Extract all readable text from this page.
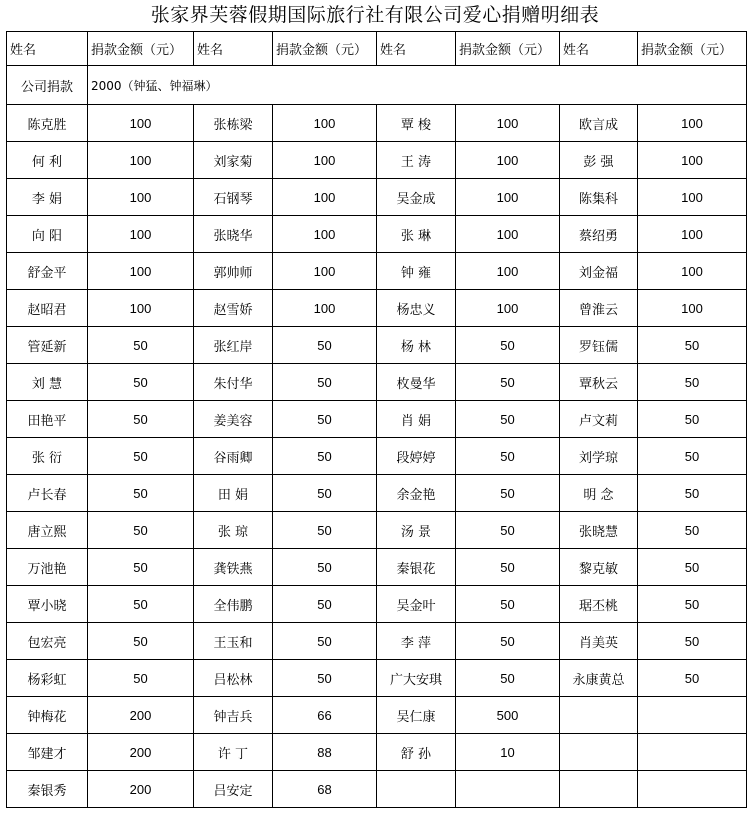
张家界芙蓉假期国际旅行社有限公司爱心捐赠明细表
姓名	捐款金额（元）	姓名	捐款金额（元）	姓名	捐款金额（元）	姓名	捐款金额（元）
公司捐款	2000（钟猛、钟福琳）						
陈克胜	100	张栋梁	100	覃 梭	100	欧言成	100
何 利	100	刘家菊	100	王 涛	100	彭 强	100
李 娟	100	石钢琴	100	吴金成	100	陈集科	100
向 阳	100	张晓华	100	张 琳	100	蔡绍勇	100
舒金平	100	郭帅师	100	钟 雍	100	刘金福	100
赵昭君	100	赵雪娇	100	杨忠义	100	曾淮云	100
管延新	50	张红岸	50	杨 林	50	罗钰儒	50
刘 慧	50	朱付华	50	枚曼华	50	覃秋云	50
田艳平	50	姜美容	50	肖 娟	50	卢文莉	50
张 衍	50	谷雨卿	50	段婷婷	50	刘学琼	50
卢长春	50	田 娟	50	余金艳	50	明 念	50
唐立熙	50	张 琼	50	汤 景	50	张晓慧	50
万池艳	50	龚铁燕	50	秦银花	50	黎克敏	50
覃小晓	50	全伟鹏	50	吴金叶	50	琚丕桃	50
包宏亮	50	王玉和	50	李 萍	50	肖美英	50
杨彩虹	50	吕松林	50	广大安琪	50	永康黄总	50
钟梅花	200	钟吉兵	66	吴仁康	500		
邹建才	200	许 丁	88	舒 孙	10		
秦银秀	200	吕安定	68				
